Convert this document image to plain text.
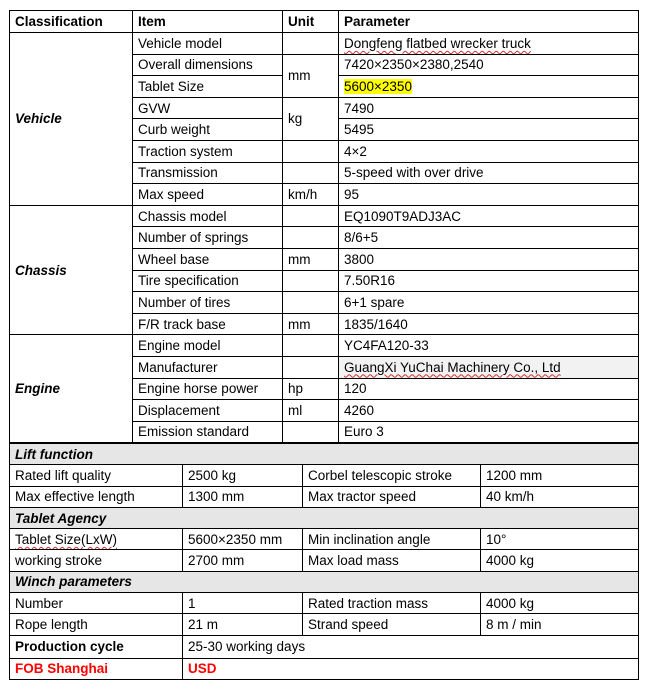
Classification	Item	Unit	Parameter
Vehicle	Vehicle model		Dongfeng flatbed wrecker truck
	Overall dimensions	mm	7420×2350×2380,2540
	Tablet Size		5600×2350
	GVW	kg	7490
	Curb weight		5495
	Traction system		4×2
	Transmission		5-speed with over drive
	Max speed	km/h	95
Chassis	Chassis model		EQ1090T9ADJ3AC
	Number of springs		8/6+5
	Wheel base	mm	3800
	Tire specification		7.50R16
	Number of tires		6+1 spare
	F/R track base	mm	1835/1640
Engine	Engine model		YC4FA120-33
	Manufacturer		GuangXi YuChai Machinery Co., Ltd
	Engine horse power	hp	120
	Displacement	ml	4260
	Emission standard		Euro 3
Lift function			
Rated lift quality	2500 kg	Corbel telescopic stroke	1200 mm
Max effective length	1300 mm	Max tractor speed	40 km/h
Tablet Agency			
Tablet Size(LxW)	5600×2350 mm	Min inclination angle	10°
working stroke	2700 mm	Max load mass	4000 kg
Winch parameters			
Number	1	Rated traction mass	4000 kg
Rope length	21 m	Strand speed	8 m / min
Production cycle	25-30 working days		
FOB Shanghai	USD		
